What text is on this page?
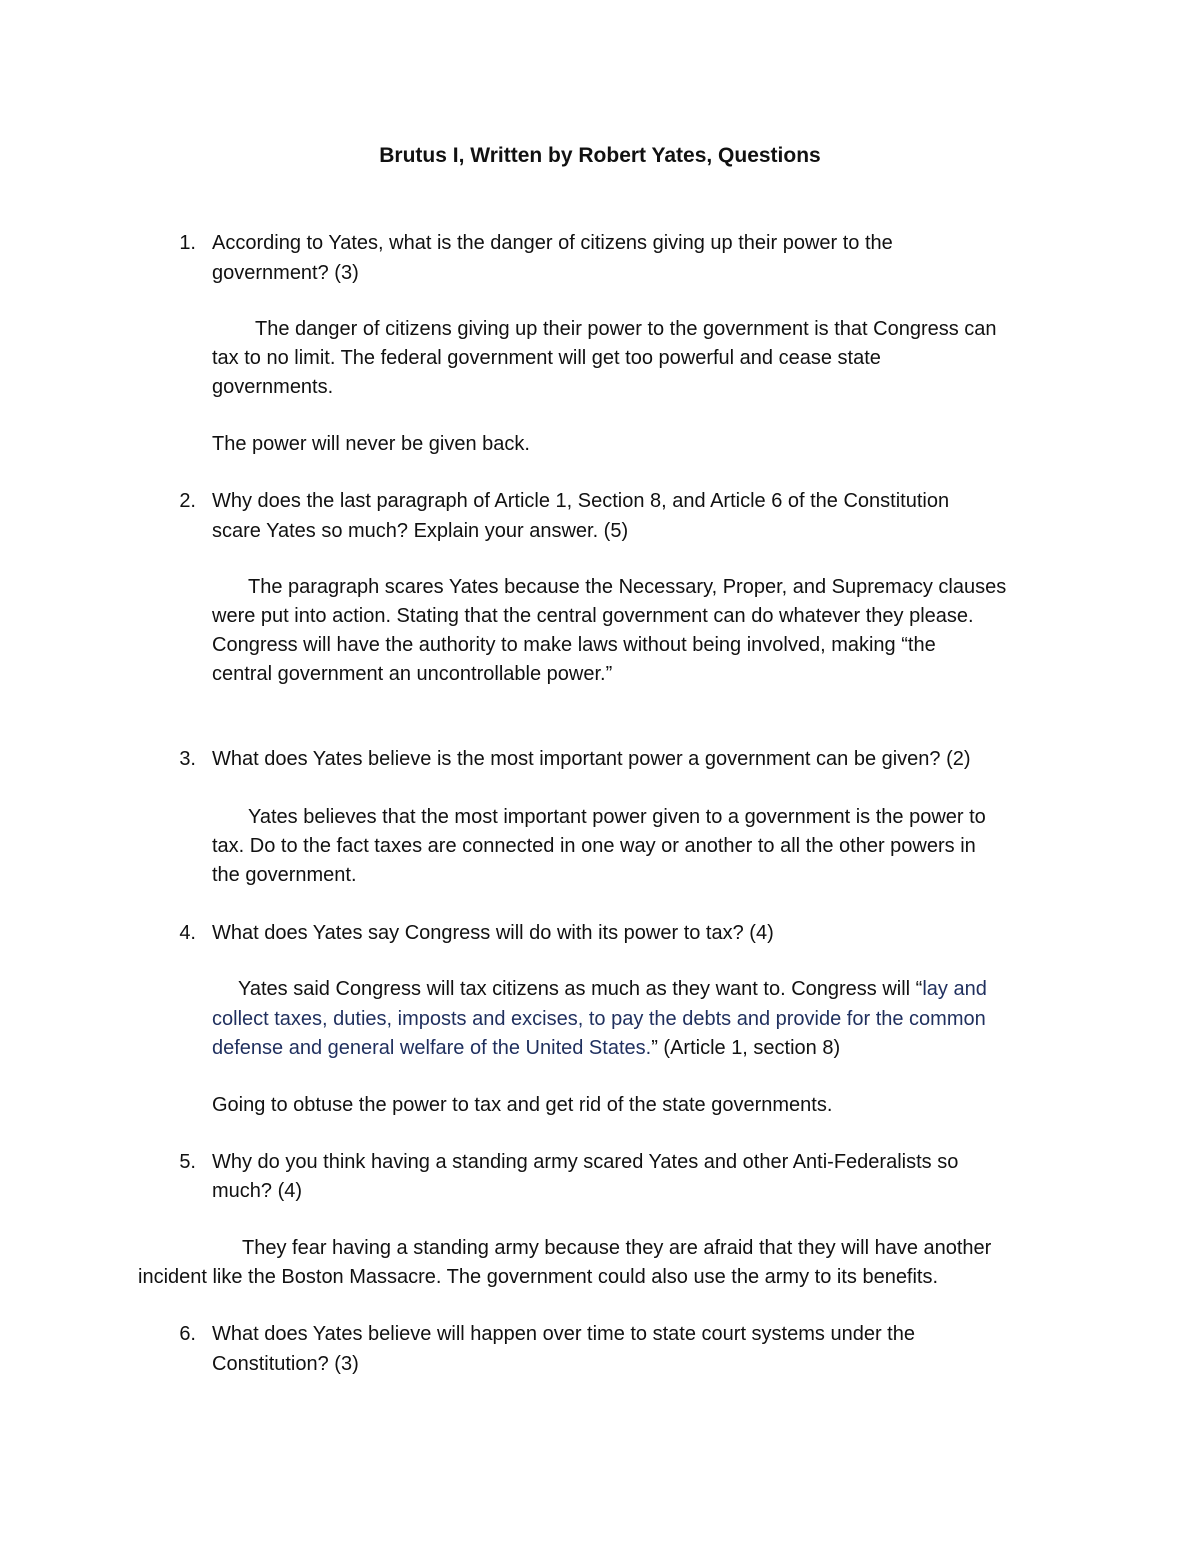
Brutus I, Written by Robert Yates, Questions
1. According to Yates, what is the danger of citizens giving up their power to the
government? (3)
The danger of citizens giving up their power to the government is that Congress can
tax to no limit. The federal government will get too powerful and cease state
governments.
The power will never be given back.
2. Why does the last paragraph of Article 1, Section 8, and Article 6 of the Constitution
scare Yates so much? Explain your answer. (5)
The paragraph scares Yates because the Necessary, Proper, and Supremacy clauses
were put into action. Stating that the central government can do whatever they please.
Congress will have the authority to make laws without being involved, making “the
central government an uncontrollable power.”
3. What does Yates believe is the most important power a government can be given? (2)
Yates believes that the most important power given to a government is the power to
tax. Do to the fact taxes are connected in one way or another to all the other powers in
the government.
4. What does Yates say Congress will do with its power to tax? (4)
Yates said Congress will tax citizens as much as they want to. Congress will “lay and
collect taxes, duties, imposts and excises, to pay the debts and provide for the common
defense and general welfare of the United States.” (Article 1, section 8)
Going to obtuse the power to tax and get rid of the state governments.
5. Why do you think having a standing army scared Yates and other Anti-Federalists so
much? (4)
They fear having a standing army because they are afraid that they will have another
incident like the Boston Massacre. The government could also use the army to its benefits.
6. What does Yates believe will happen over time to state court systems under the
Constitution? (3)
